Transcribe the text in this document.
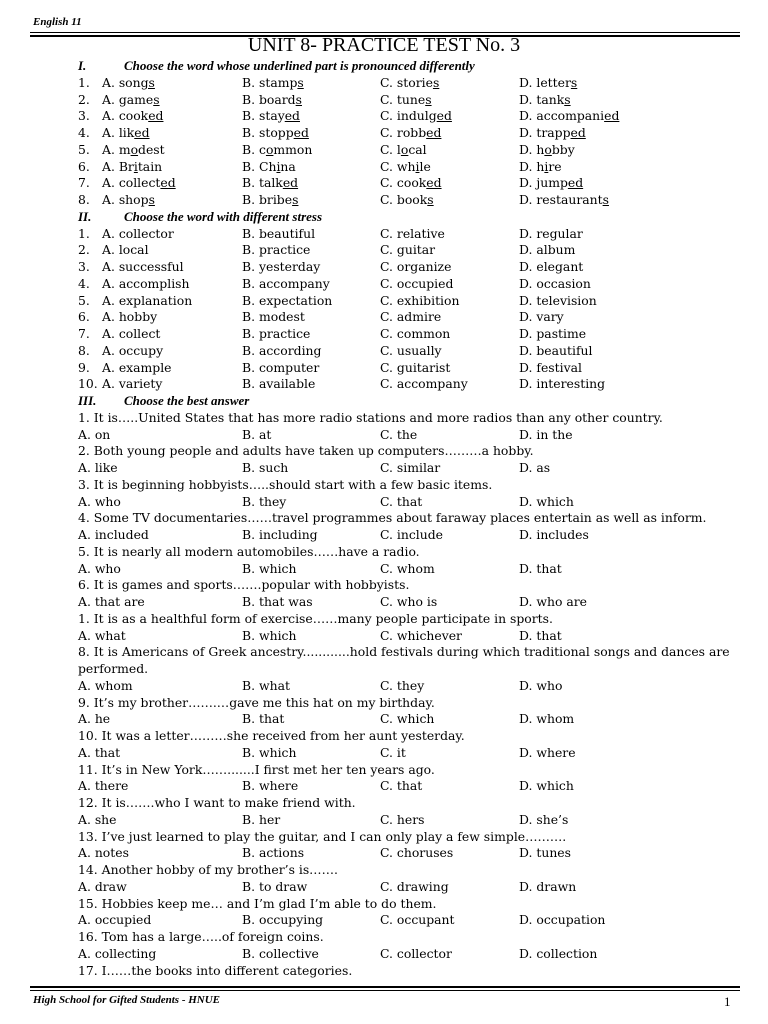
English 11
UNIT 8- PRACTICE TEST No. 3
I.	Choose the word whose underlined part is pronounced differently
1. A. songs	B. stamps	C. stories	D. letters
2. A. games	B. boards	C. tunes	D. tanks
3. A. cooked	B. stayed	C. indulged	D. accompanied
4. A. liked	B. stopped	C. robbed	D. trapped
5. A. modest	B. common	C. local	D. hobby
6. A. Britain	B. China	C. while	D. hire
7. A. collected	B. talked	C. cooked	D. jumped
8. A. shops	B. bribes	C. books	D. restaurants
II.	Choose the word with different stress
1. A. collector	B. beautiful	C. relative	D. regular
2. A. local	B. practice	C. guitar	D. album
3. A. successful	B. yesterday	C. organize	D. elegant
4. A. accomplish	B. accompany	C. occupied	D. occasion
5. A. explanation	B. expectation	C. exhibition	D. television
6. A. hobby	B. modest	C. admire	D. vary
7. A. collect	B. practice	C. common	D. pastime
8. A. occupy	B. according	C. usually	D. beautiful
9. A. example	B. computer	C. guitarist	D. festival
10. A. variety	B. available	C. accompany	D. interesting
III. Choose the best answer
1. It is…..United States that has more radio stations and more radios than any other country.
A. on	B. at	C. the	D. in the
2. Both young people and adults have taken up computers………a hobby.
A. like	B. such	C. similar	D. as
3. It is beginning hobbyists…..should start with a few basic items.
A. who	B. they	C. that	D. which
4. Some TV documentaries……travel programmes about faraway places entertain as well as inform.
A. included	B. including	C. include	D. includes
5. It is nearly all modern automobiles……have a radio.
A. who	B. which	C. whom	D. that
6. It is games and sports…….popular with hobbyists.
A. that are	B. that was	C. who is	D. who are
1. It is as a healthful form of exercise……many people participate in sports.
A. what	B. which	C. whichever	D. that
8. It is Americans of Greek ancestry............hold festivals during which traditional songs and dances are
performed.
A. whom	B. what	C. they	D. who
9. It’s my brother…….…gave me this hat on my birthday.
A. he	B. that	C. which	D. whom
10. It was a letter………she received from her aunt yesterday.
A. that	B. which	C. it	D. where
11. It’s in New York…….......I first met her ten years ago.
A. there	B. where	C. that	D. which
12. It is…….who I want to make friend with.
A. she	B. her	C. hers	D. she’s
13. I’ve just learned to play the guitar, and I can only play a few simple……….
A. notes	B. actions	C. choruses	D. tunes
14. Another hobby of my brother’s is…….
A. draw	B. to draw	C. drawing	D. drawn
15. Hobbies keep me… and I’m glad I’m able to do them.
A. occupied	B. occupying	C. occupant	D. occupation
16. Tom has a large…..of foreign coins.
A. collecting	B. collective	C. collector	D. collection
17. I……the books into different categories.
High School for Gifted Students - HNUE	1
